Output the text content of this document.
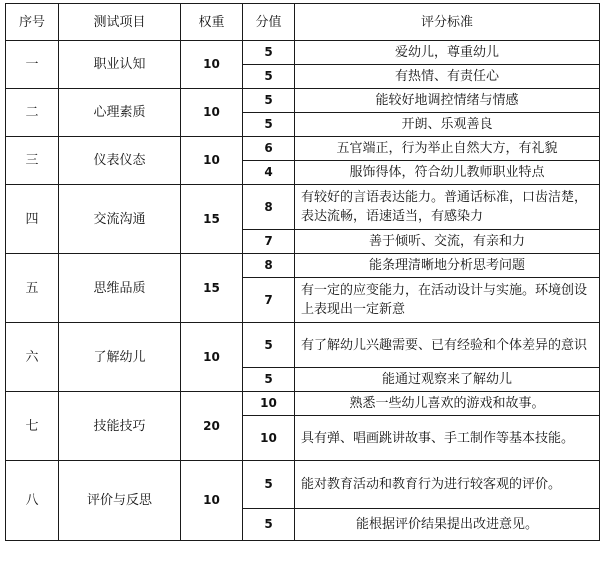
序号	测试项目	权重	分值	评分标准
一	职业认知	10	5	爱幼儿，尊重幼儿
			5	有热情、有责任心
二	心理素质	10	5	能较好地调控情绪与情感
			5	开朗、乐观善良
三	仪表仪态	10	6	五官端正，行为举止自然大方，有礼貌
			4	服饰得体，符合幼儿教师职业特点
四	交流沟通	15	8	有较好的言语表达能力。普通话标准，口齿洁楚，表达流畅，语速适当，有感染力
			7	善于倾听、交流，有亲和力
五	思维品质	15	8	能条理清晰地分析思考问题
			7	有一定的应变能力，在活动设计与实施。环境创设上表现出一定新意
六	了解幼儿	10	5	有了解幼儿兴趣需要、已有经验和个体差异的意识
			5	能通过观察来了解幼儿
七	技能技巧	20	10	熟悉一些幼儿喜欢的游戏和故事。
			10	具有弹、唱画跳讲故事、手工制作等基本技能。
八	评价与反思	10	5	能对教育活动和教育行为进行较客观的评价。
			5	能根据评价结果提出改进意见。
